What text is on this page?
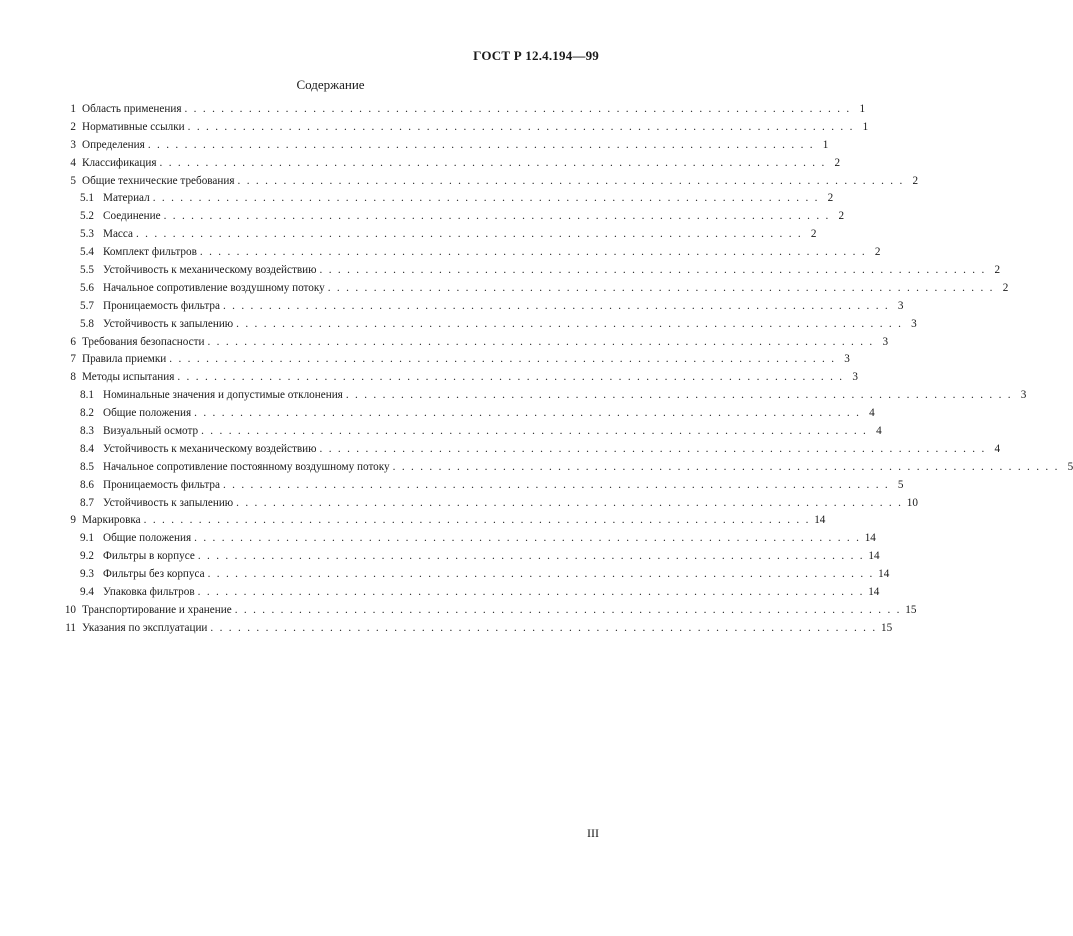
ГОСТ Р 12.4.194—99
Содержание
1 Область применения . . . . . . . . . . . . . . . . . . . . . . . . . . . . . . . . . . . . . . . . . . . . . . . . . . . . . . . . . . . . . . . . . . . . . . . . . 1
2 Нормативные ссылки . . . . . . . . . . . . . . . . . . . . . . . . . . . . . . . . . . . . . . . . . . . . . . . . . . . . . . . . . . . . . . . . . . . . . . . . . 1
3 Определения . . . . . . . . . . . . . . . . . . . . . . . . . . . . . . . . . . . . . . . . . . . . . . . . . . . . . . . . . . . . . . . . . . . . . . . . . 1
4 Классификация . . . . . . . . . . . . . . . . . . . . . . . . . . . . . . . . . . . . . . . . . . . . . . . . . . . . . . . . . . . . . . . . . . . . . . . . . 2
5 Общие технические требования . . . . . . . . . . . . . . . . . . . . . . . . . . . . . . . . . . . . . . . . . . . . . . . . . . . . . . . . . . . . . . . . . . . . . . . . . 2
5.1 Материал . . . . . . . . . . . . . . . . . . . . . . . . . . . . . . . . . . . . . . . . . . . . . . . . . . . . . . . . . . . . . . . . . . . . . . . . . 2
5.2 Соединение . . . . . . . . . . . . . . . . . . . . . . . . . . . . . . . . . . . . . . . . . . . . . . . . . . . . . . . . . . . . . . . . . . . . . . . . . 2
5.3 Масса . . . . . . . . . . . . . . . . . . . . . . . . . . . . . . . . . . . . . . . . . . . . . . . . . . . . . . . . . . . . . . . . . . . . . . . . . 2
5.4 Комплект фильтров . . . . . . . . . . . . . . . . . . . . . . . . . . . . . . . . . . . . . . . . . . . . . . . . . . . . . . . . . . . . . . . . . . . . . . . . . 2
5.5 Устойчивость к механическому воздействию . . . . . . . . . . . . . . . . . . . . . . . . . . . . . . . . . . . . . . . . . . . . . . . . . . . . . . . . . . . . . . . . . . . . . . . . . 2
5.6 Начальное сопротивление воздушному потоку . . . . . . . . . . . . . . . . . . . . . . . . . . . . . . . . . . . . . . . . . . . . . . . . . . . . . . . . . . . . . . . . . . . . . . . . . 2
5.7 Проницаемость фильтра . . . . . . . . . . . . . . . . . . . . . . . . . . . . . . . . . . . . . . . . . . . . . . . . . . . . . . . . . . . . . . . . . . . . . . . . . 3
5.8 Устойчивость к запылению . . . . . . . . . . . . . . . . . . . . . . . . . . . . . . . . . . . . . . . . . . . . . . . . . . . . . . . . . . . . . . . . . . . . . . . . . 3
6 Требования безопасности . . . . . . . . . . . . . . . . . . . . . . . . . . . . . . . . . . . . . . . . . . . . . . . . . . . . . . . . . . . . . . . . . . . . . . . . . 3
7 Правила приемки . . . . . . . . . . . . . . . . . . . . . . . . . . . . . . . . . . . . . . . . . . . . . . . . . . . . . . . . . . . . . . . . . . . . . . . . . 3
8 Методы испытания . . . . . . . . . . . . . . . . . . . . . . . . . . . . . . . . . . . . . . . . . . . . . . . . . . . . . . . . . . . . . . . . . . . . . . . . . 3
8.1 Номинальные значения и допустимые отклонения . . . . . . . . . . . . . . . . . . . . . . . . . . . . . . . . . . . . . . . . . . . . . . . . . . . . . . . . . . . . . . . . . . . . . . . . . 3
8.2 Общие положения . . . . . . . . . . . . . . . . . . . . . . . . . . . . . . . . . . . . . . . . . . . . . . . . . . . . . . . . . . . . . . . . . . . . . . . . . 4
8.3 Визуальный осмотр . . . . . . . . . . . . . . . . . . . . . . . . . . . . . . . . . . . . . . . . . . . . . . . . . . . . . . . . . . . . . . . . . . . . . . . . . 4
8.4 Устойчивость к механическому воздействию . . . . . . . . . . . . . . . . . . . . . . . . . . . . . . . . . . . . . . . . . . . . . . . . . . . . . . . . . . . . . . . . . . . . . . . . . 4
8.5 Начальное сопротивление постоянному воздушному потоку . . . . . . . . . . . . . . . . . . . . . . . . . . . . . . . . . . . . . . . . . . . . . . . . . . . . . . . . . . . . . . . . . . . . . . . . . 5
8.6 Проницаемость фильтра . . . . . . . . . . . . . . . . . . . . . . . . . . . . . . . . . . . . . . . . . . . . . . . . . . . . . . . . . . . . . . . . . . . . . . . . . 5
8.7 Устойчивость к запылению . . . . . . . . . . . . . . . . . . . . . . . . . . . . . . . . . . . . . . . . . . . . . . . . . . . . . . . . . . . . . . . . . . . . . . . . . 10
9 Маркировка . . . . . . . . . . . . . . . . . . . . . . . . . . . . . . . . . . . . . . . . . . . . . . . . . . . . . . . . . . . . . . . . . . . . . . . . . 14
9.1 Общие положения . . . . . . . . . . . . . . . . . . . . . . . . . . . . . . . . . . . . . . . . . . . . . . . . . . . . . . . . . . . . . . . . . . . . . . . . . 14
9.2 Фильтры в корпусе . . . . . . . . . . . . . . . . . . . . . . . . . . . . . . . . . . . . . . . . . . . . . . . . . . . . . . . . . . . . . . . . . . . . . . . . . 14
9.3 Фильтры без корпуса . . . . . . . . . . . . . . . . . . . . . . . . . . . . . . . . . . . . . . . . . . . . . . . . . . . . . . . . . . . . . . . . . . . . . . . . . 14
9.4 Упаковка фильтров . . . . . . . . . . . . . . . . . . . . . . . . . . . . . . . . . . . . . . . . . . . . . . . . . . . . . . . . . . . . . . . . . . . . . . . . . 14
10 Транспортирование и хранение . . . . . . . . . . . . . . . . . . . . . . . . . . . . . . . . . . . . . . . . . . . . . . . . . . . . . . . . . . . . . . . . . . . . . . . . . 15
11 Указания по эксплуатации . . . . . . . . . . . . . . . . . . . . . . . . . . . . . . . . . . . . . . . . . . . . . . . . . . . . . . . . . . . . . . . . . . . . . . . . . 15
III
